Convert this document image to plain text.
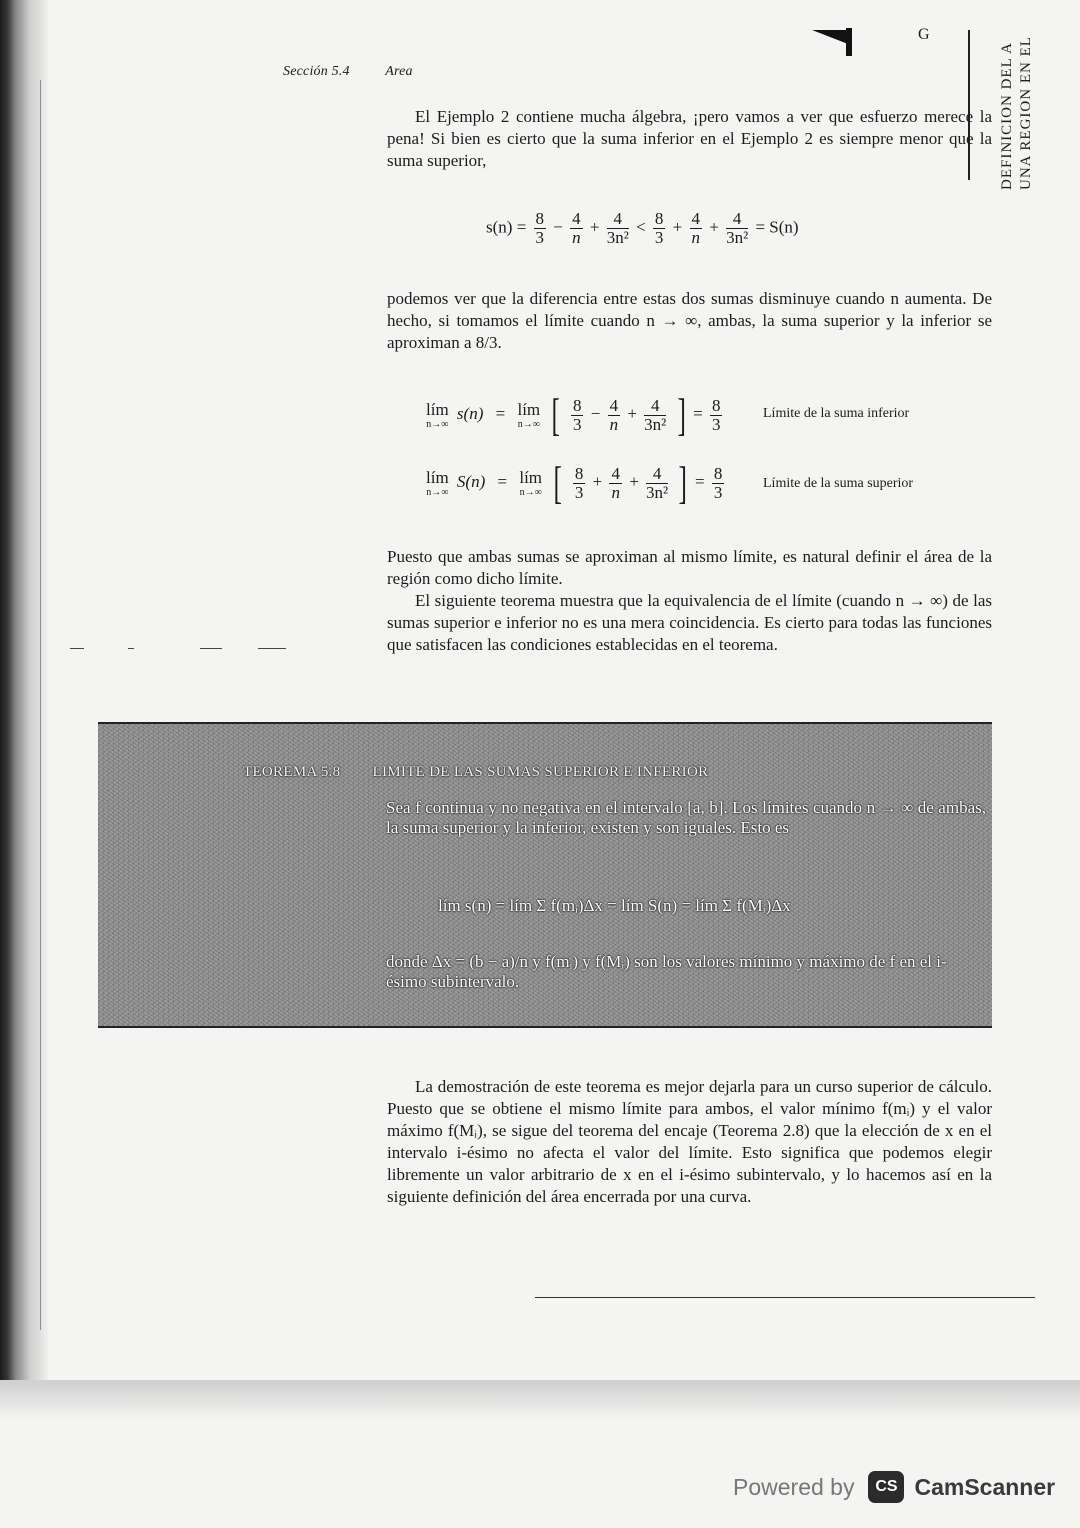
Sección 5.4	Area
G
DEFINICION DEL A UNA REGION EN EL

El Ejemplo 2 contiene mucha álgebra, ¡pero vamos a ver que esfuerzo merece la pena! Si bien es cierto que la suma inferior en el Ejemplo 2 es siempre menor que la suma superior,

$s(n) = \frac{8}{3} - \frac{4}{n} + \frac{4}{\text{3n²}} < \frac{8}{3} + \frac{4}{n} + \frac{4}{\text{3n²}} = S(n)$

podemos ver que la diferencia entre estas dos sumas disminuye cuando n aumenta. De hecho, si tomamos el límite cuando n → ∞, ambas, la suma superior y la inferior se aproximan a 8/3.

lím
n→∞
s(n) = lím
n→∞ [ $\frac{8}{3} - \frac{4}{n} + \frac{4}{\text{3n²}}$ ] = $\frac{8}{3}$	Límite de la suma inferior
lím
n→∞
S(n) = lím
n→∞ [ $\frac{8}{3} + \frac{4}{n} + \frac{4}{\text{3n²}}$ ] = $\frac{8}{3}$	Límite de la suma superior

Puesto que ambas sumas se aproximan al mismo límite, es natural definir el área de la región como dicho límite.

El siguiente teorema muestra que la equivalencia de el límite (cuando n → ∞) de las sumas superior e inferior no es una mera coincidencia. Es cierto para todas las funciones que satisfacen las condiciones establecidas en el teorema.

TEOREMA 5.8 LIMITE DE LAS SUMAS SUPERIOR E INFERIOR
Sea f continua y no negativa en el intervalo [a, b]. Los límites cuando n → ∞ de ambas, la suma superior y la inferior, existen y son iguales. Esto es
lím s(n) = lím Σ f(mᵢ)Δx = lím S(n) = lím Σ f(Mᵢ)Δx
donde Δx = (b − a)/n y f(mᵢ) y f(Mᵢ) son los valores mínimo y máximo de f en el i-ésimo subintervalo.

La demostración de este teorema es mejor dejarla para un curso superior de cálculo. Puesto que se obtiene el mismo límite para ambos, el valor mínimo f(mᵢ) y el valor máximo f(Mᵢ), se sigue del teorema del encaje (Teorema 2.8) que la elección de x en el intervalo i-ésimo no afecta el valor del límite. Esto significa que podemos elegir libremente un valor arbitrario de x en el i-ésimo subintervalo, y lo hacemos así en la siguiente definición del área encerrada por una curva.

Powered by	CS CamScanner
